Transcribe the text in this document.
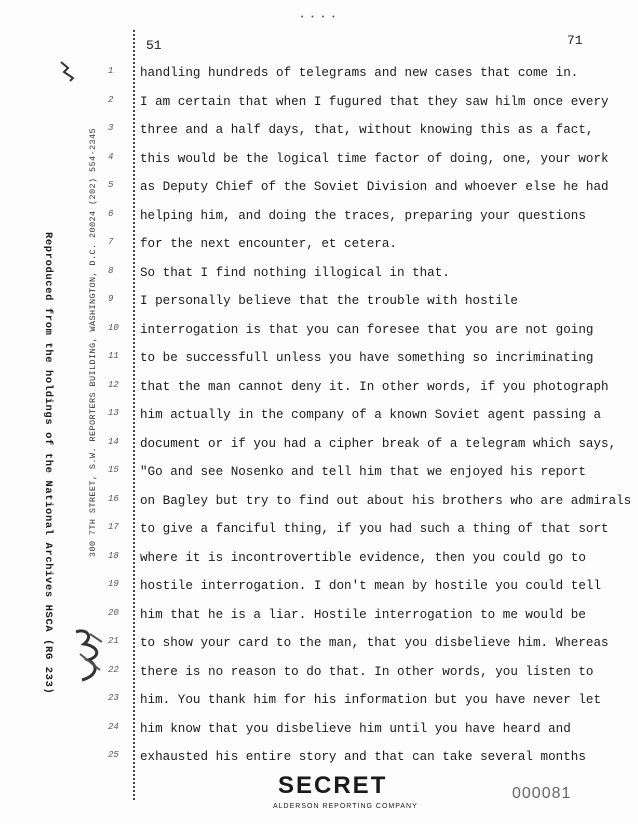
• • • •
51	71
Reproduced from the holdings of the National Archives HSCA (RG 233)	300 7TH STREET, S.W. REPORTERS BUILDING, WASHINGTON, D.C. 20024 (202) 554-2345
1
2
3
4
5
6
7
8
9
10
11
12
13
14
15
16
17
18
19
20
21
22
23
24
25
handling hundreds of telegrams and new cases that come in.
I am certain that when I fugured that they saw hilm once every
three and a half days, that, without knowing this as a fact,
this would be the logical time factor of doing, one, your work
as Deputy Chief of the Soviet Division and whoever else he had
helping him, and doing the traces, preparing your questions
for the next encounter, et cetera.
So that I find nothing illogical in that.
I personally believe that the trouble with hostile
interrogation is that you can foresee that you are not going
to be successfull unless you have something so incriminating
that the man cannot deny it. In other words, if you photograph
him actually in the company of a known Soviet agent passing a
document or if you had a cipher break of a telegram which says,
"Go and see Nosenko and tell him that we enjoyed his report
on Bagley but try to find out about his brothers who are admirals
to give a fanciful thing, if you had such a thing of that sort
where it is incontrovertible evidence, then you could go to
hostile interrogation. I don't mean by hostile you could tell
him that he is a liar. Hostile interrogation to me would be
to show your card to the man, that you disbelieve him. Whereas
there is no reason to do that. In other words, you listen to
him. You thank him for his information but you have never let
him know that you disbelieve him until you have heard and
exhausted his entire story and that can take several months
SECRET
ALDERSON REPORTING COMPANY
000081
